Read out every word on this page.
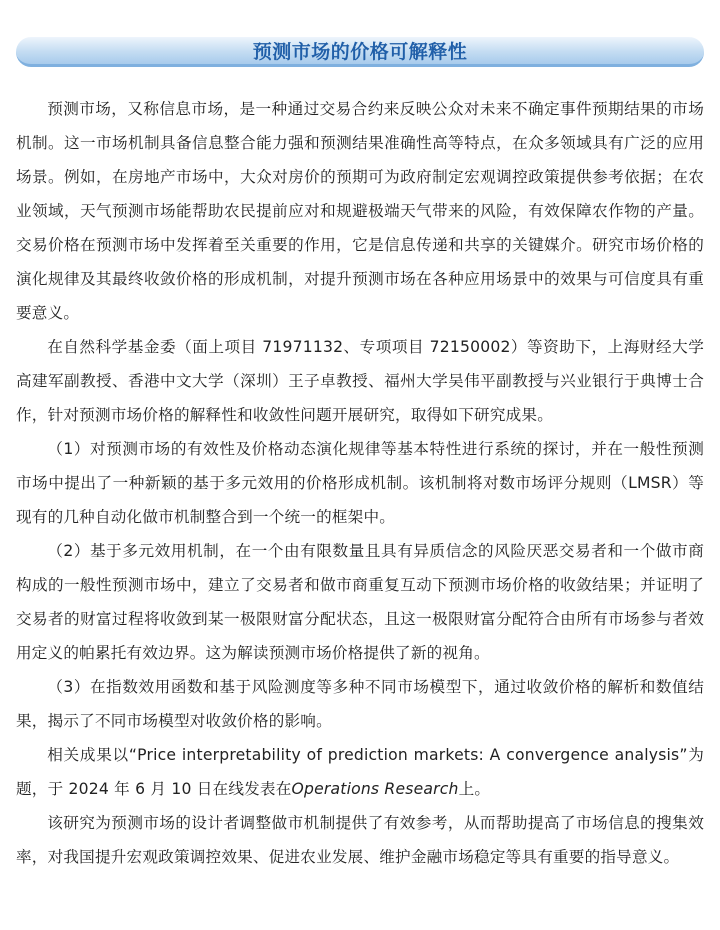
预测市场的价格可解释性

预测市场，又称信息市场，是一种通过交易合约来反映公众对未来不确定事件预期结果的市场机制。这一市场机制具备信息整合能力强和预测结果准确性高等特点，在众多领域具有广泛的应用场景。例如，在房地产市场中，大众对房价的预期可为政府制定宏观调控政策提供参考依据；在农业领域，天气预测市场能帮助农民提前应对和规避极端天气带来的风险，有效保障农作物的产量。交易价格在预测市场中发挥着至关重要的作用，它是信息传递和共享的关键媒介。研究市场价格的演化规律及其最终收敛价格的形成机制，对提升预测市场在各种应用场景中的效果与可信度具有重要意义。

在自然科学基金委（面上项目 71971132、专项项目 72150002）等资助下，上海财经大学高建军副教授、香港中文大学（深圳）王子卓教授、福州大学吴伟平副教授与兴业银行于典博士合作，针对预测市场价格的解释性和收敛性问题开展研究，取得如下研究成果。

（1）对预测市场的有效性及价格动态演化规律等基本特性进行系统的探讨，并在一般性预测市场中提出了一种新颖的基于多元效用的价格形成机制。该机制将对数市场评分规则（LMSR）等现有的几种自动化做市机制整合到一个统一的框架中。

（2）基于多元效用机制，在一个由有限数量且具有异质信念的风险厌恶交易者和一个做市商构成的一般性预测市场中，建立了交易者和做市商重复互动下预测市场价格的收敛结果；并证明了交易者的财富过程将收敛到某一极限财富分配状态，且这一极限财富分配符合由所有市场参与者效用定义的帕累托有效边界。这为解读预测市场价格提供了新的视角。

（3）在指数效用函数和基于风险测度等多种不同市场模型下，通过收敛价格的解析和数值结果，揭示了不同市场模型对收敛价格的影响。

相关成果以“Price interpretability of prediction markets: A convergence analysis”为题，于 2024 年 6 月 10 日在线发表在Operations Research上。

该研究为预测市场的设计者调整做市机制提供了有效参考，从而帮助提高了市场信息的搜集效率，对我国提升宏观政策调控效果、促进农业发展、维护金融市场稳定等具有重要的指导意义。
